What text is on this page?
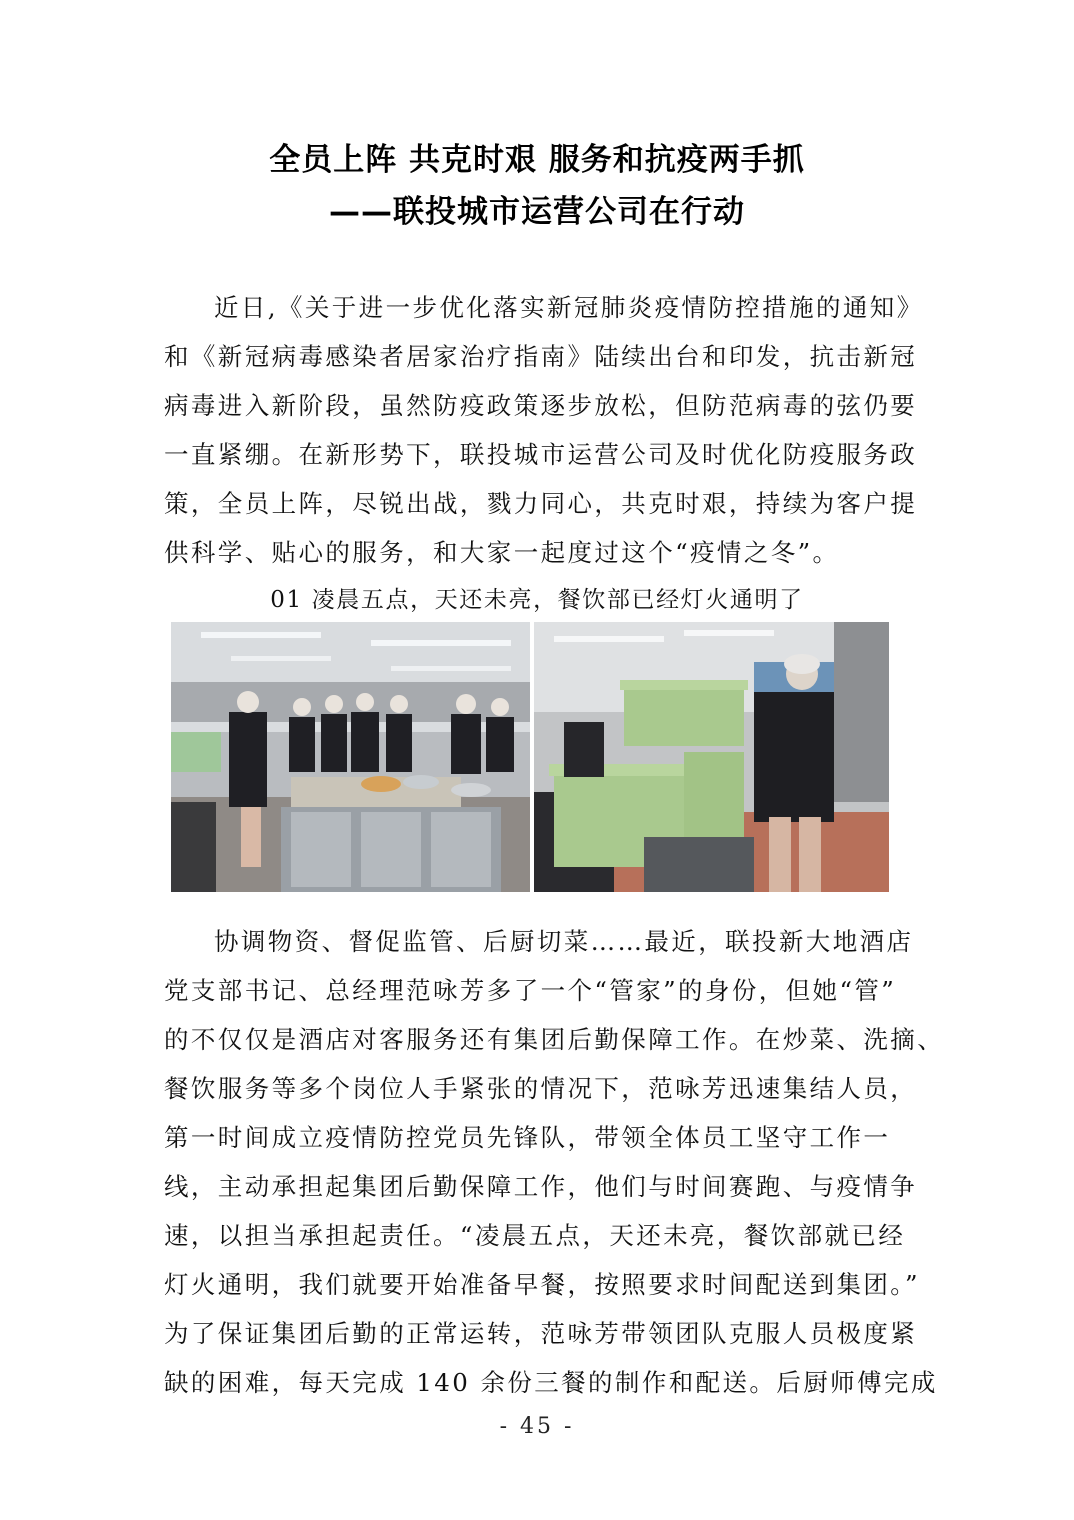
全员上阵 共克时艰 服务和抗疫两手抓
——联投城市运营公司在行动
近日,《关于进一步优化落实新冠肺炎疫情防控措施的通知》
和《新冠病毒感染者居家治疗指南》陆续出台和印发，抗击新冠
病毒进入新阶段，虽然防疫政策逐步放松，但防范病毒的弦仍要
一直紧绷。在新形势下，联投城市运营公司及时优化防疫服务政
策，全员上阵，尽锐出战，戮力同心，共克时艰，持续为客户提
供科学、贴心的服务，和大家一起度过这个“疫情之冬”。
01 凌晨五点，天还未亮，餐饮部已经灯火通明了
协调物资、督促监管、后厨切菜……最近，联投新大地酒店
党支部书记、总经理范咏芳多了一个“管家”的身份，但她“管”
的不仅仅是酒店对客服务还有集团后勤保障工作。在炒菜、洗摘、
餐饮服务等多个岗位人手紧张的情况下，范咏芳迅速集结人员，
第一时间成立疫情防控党员先锋队，带领全体员工坚守工作一
线，主动承担起集团后勤保障工作，他们与时间赛跑、与疫情争
速，以担当承担起责任。“凌晨五点，天还未亮，餐饮部就已经
灯火通明，我们就要开始准备早餐，按照要求时间配送到集团。”
为了保证集团后勤的正常运转，范咏芳带领团队克服人员极度紧
缺的困难，每天完成 140 余份三餐的制作和配送。后厨师傅完成
- 45 -
